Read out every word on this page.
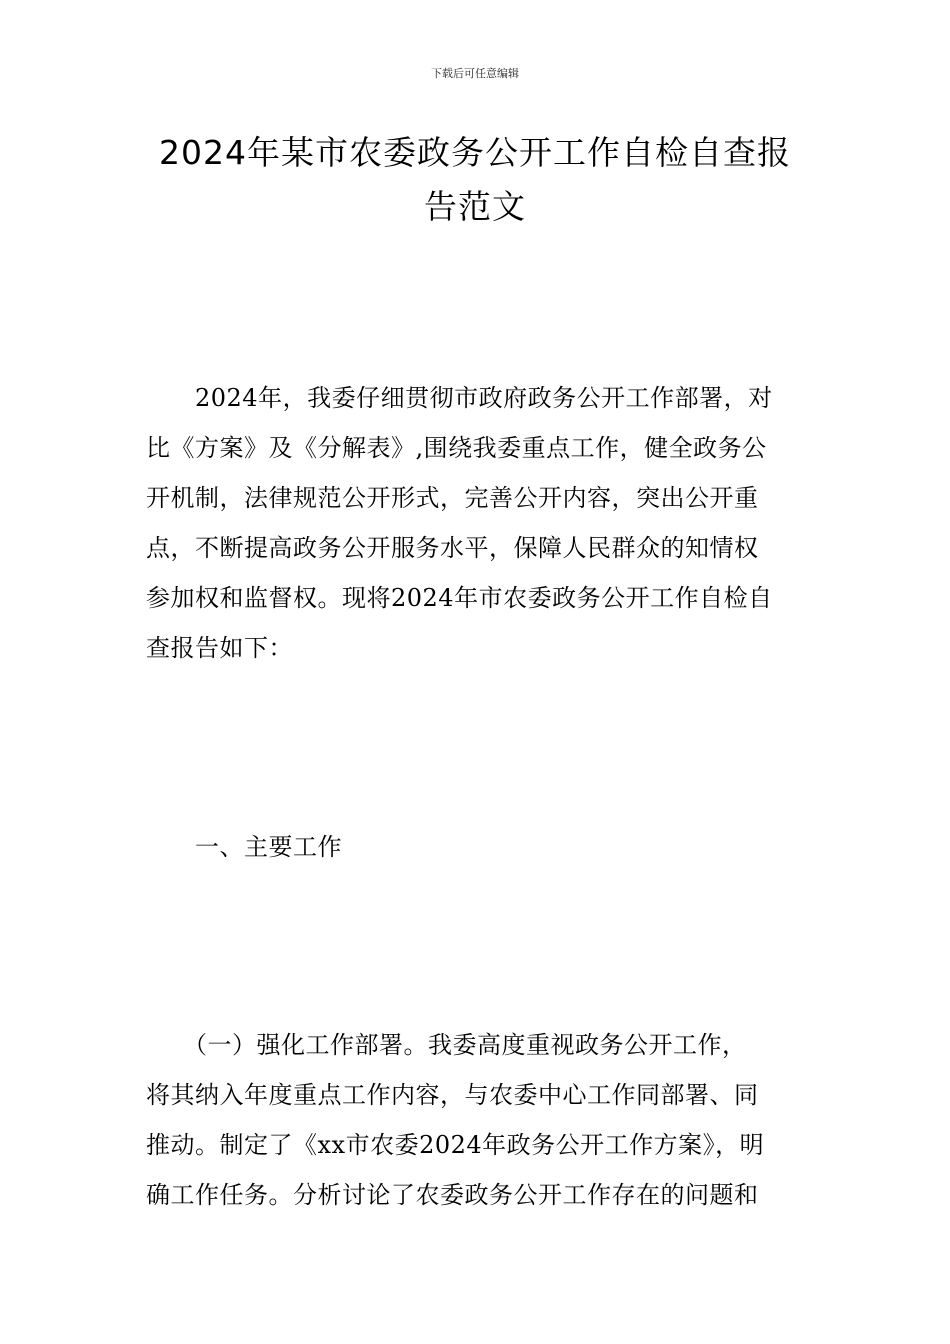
下载后可任意编辑
2024年某市农委政务公开工作自检自查报
告范文
　　2024年，我委仔细贯彻市政府政务公开工作部署，对
比《方案》及《分解表》,围绕我委重点工作，健全政务公
开机制，法律规范公开形式，完善公开内容，突出公开重
点，不断提高政务公开服务水平，保障人民群众的知情权
参加权和监督权。现将2024年市农委政务公开工作自检自
查报告如下：
　　一、主要工作
　　（一）强化工作部署。我委高度重视政务公开工作，
将其纳入年度重点工作内容，与农委中心工作同部署、同
推动。制定了《xx市农委2024年政务公开工作方案》，明
确工作任务。分析讨论了农委政务公开工作存在的问题和
